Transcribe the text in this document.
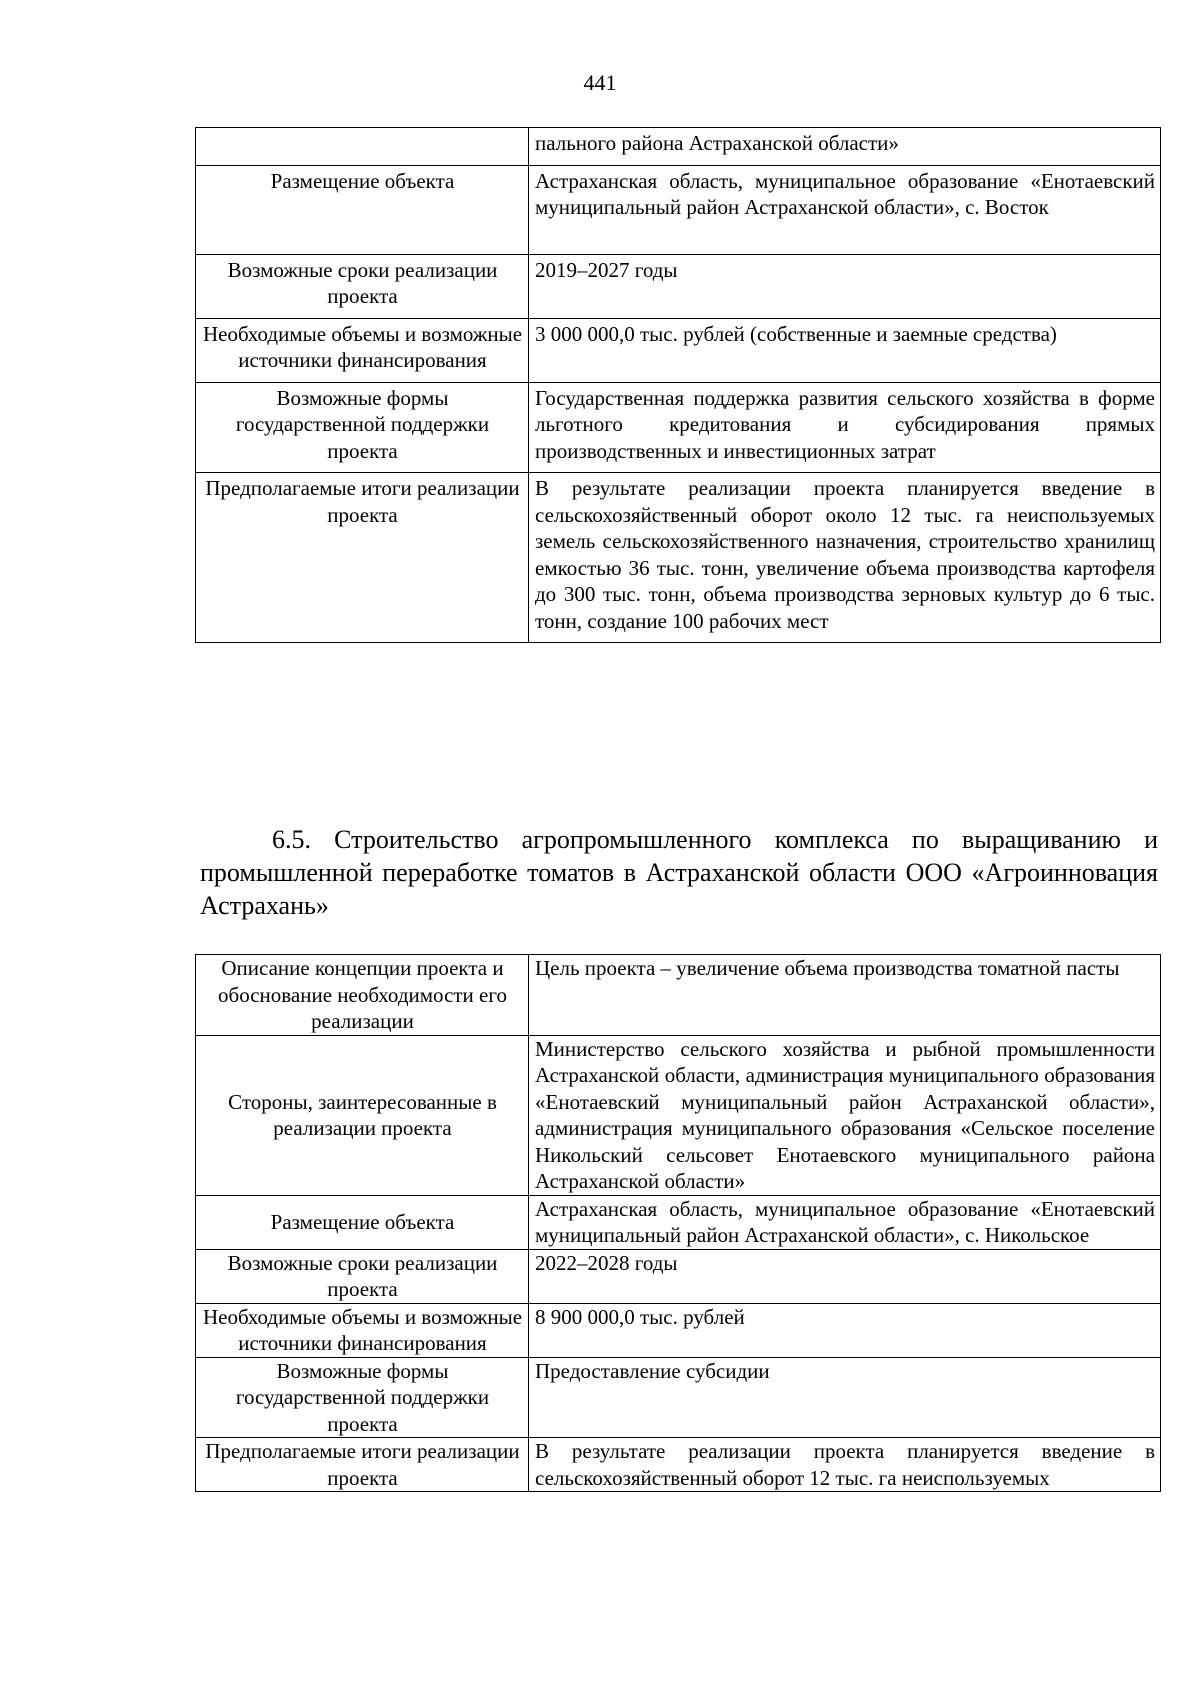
441
	пального района Астраханской области»
Размещение объекта	Астраханская область, муниципальное образование «Енотаевский муниципальный район Астраханской области», с. Восток
Возможные сроки реализации проекта	2019–2027 годы
Необходимые объемы и возможные источники финансирования	3 000 000,0 тыс. рублей (собственные и заемные средства)
Возможные формы государственной поддержки проекта	Государственная поддержка развития сельского хозяйства в форме льготного кредитования и субсидирования прямых производственных и инвестиционных затрат
Предполагаемые итоги реализации проекта	В результате реализации проекта планируется введение в сельскохозяйственный оборот около 12 тыс. га неиспользуемых земель сельскохозяйственного назначения, строительство хранилищ емкостью 36 тыс. тонн, увеличение объема производства картофеля до 300 тыс. тонн, объема производства зерновых культур до 6 тыс. тонн, создание 100 рабочих мест
6.5. Строительство агропромышленного комплекса по выращиванию и промышленной переработке томатов в Астраханской области ООО «Агроинновация Астрахань»
Описание концепции проекта и обоснование необходимости его реализации	Цель проекта – увеличение объема производства томатной пасты
Стороны, заинтересованные в реализации проекта	Министерство сельского хозяйства и рыбной промышленности Астраханской области, администрация муниципального образования «Енотаевский муниципальный район Астраханской области», администрация муниципального образования «Сельское поселение Никольский сельсовет Енотаевского муниципального района Астраханской области»
Размещение объекта	Астраханская область, муниципальное образование «Енотаевский муниципальный район Астраханской области», с. Никольское
Возможные сроки реализации проекта	2022–2028 годы
Необходимые объемы и возможные источники финансирования	8 900 000,0 тыс. рублей
Возможные формы государственной поддержки проекта	Предоставление субсидии
Предполагаемые итоги реализации проекта	В результате реализации проекта планируется введение в сельскохозяйственный оборот 12 тыс. га неиспользуемых
